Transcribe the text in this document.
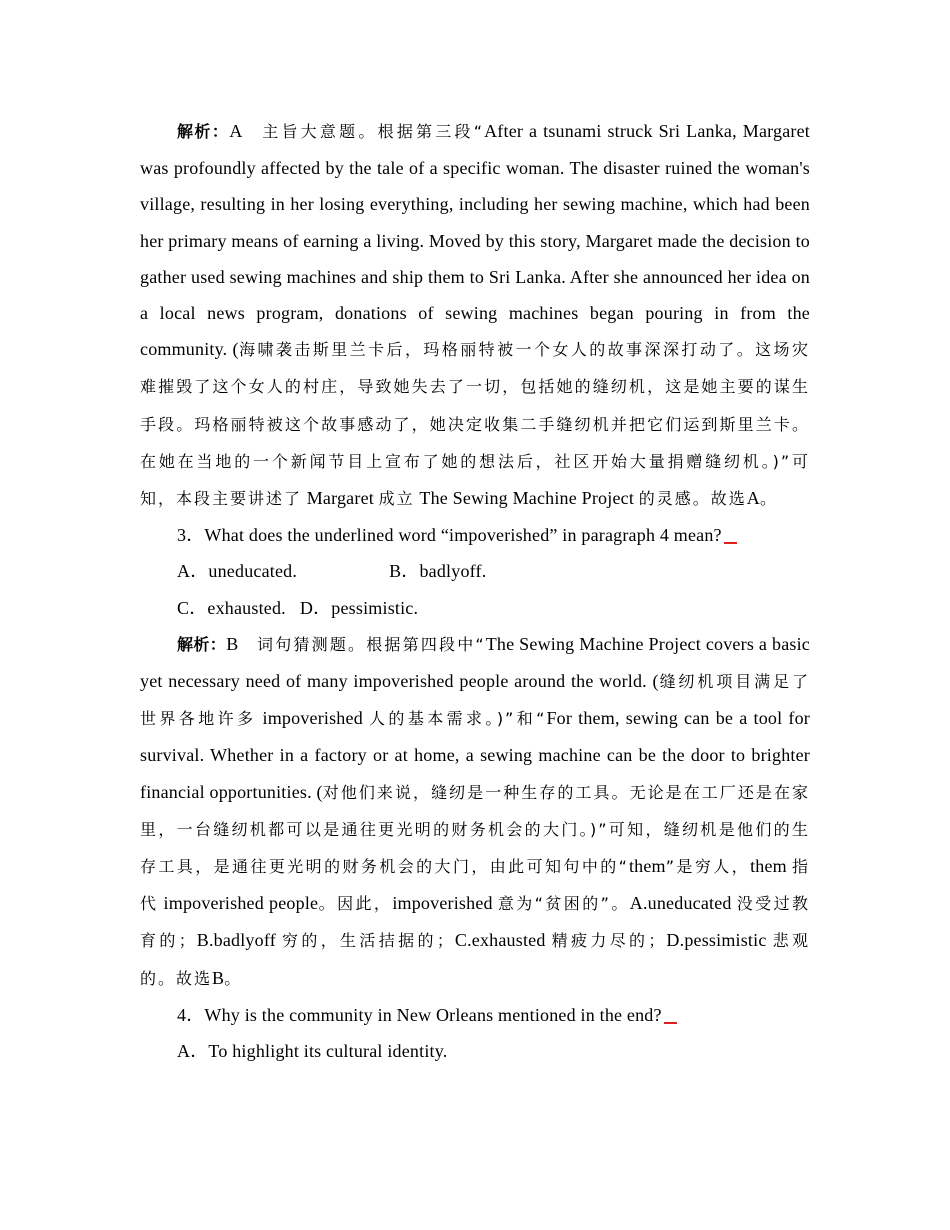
解析：A　 主旨大意题。根据第三段“After a tsunami struck Sri Lanka, Margaret was profoundly affected by the tale of a specific woman. The disaster ruined the woman's village, resulting in her losing everything, including her sewing machine, which had been her primary means of earning a living. Moved by this story, Margaret made the decision to gather used sewing machines and ship them to Sri Lanka. After she announced her idea on a local news program, donations of sewing machines began pouring in from the community. (海啸袭击斯里兰卡后，玛格丽特被一个女人的故事深深打动了。这场灾难摧毁了这个女人的村庄，导致她失去了一切，包括她的缝纫机，这是她主要的谋生手段。玛格丽特被这个故事感动了，她决定收集二手缝纫机并把它们运到斯里兰卡。在她在当地的一个新闻节目上宣布了她的想法后，社区开始大量捐赠缝纫机。)”可知，本段主要讲述了 Margaret 成立 The Sewing Machine Project 的灵感。故选A。

3．What does the underlined word “impoverished” in paragraph 4 mean?

A．uneducated.	B．badlyoff.

C．exhausted. D．pessimistic.

解析：B　 词句猜测题。根据第四段中“The Sewing Machine Project covers a basic yet necessary need of many impoverished people around the world. (缝纫机项目满足了世界各地许多 impoverished 人的基本需求。)”和“For them, sewing can be a tool for survival. Whether in a factory or at home, a sewing machine can be the door to brighter financial opportunities. (对他们来说，缝纫是一种生存的工具。无论是在工厂还是在家里，一台缝纫机都可以是通往更光明的财务机会的大门。)”可知，缝纫机是他们的生存工具，是通往更光明的财务机会的大门，由此可知句中的“them”是穷人，them 指代 impoverished people。因此，impoverished 意为“贫困的”。A.uneducated 没受过教育的；B.badlyoff 穷的，生活拮据的；C.exhausted 精疲力尽的；D.pessimistic 悲观的。故选B。

4．Why is the community in New Orleans mentioned in the end?

A．To highlight its cultural identity.
